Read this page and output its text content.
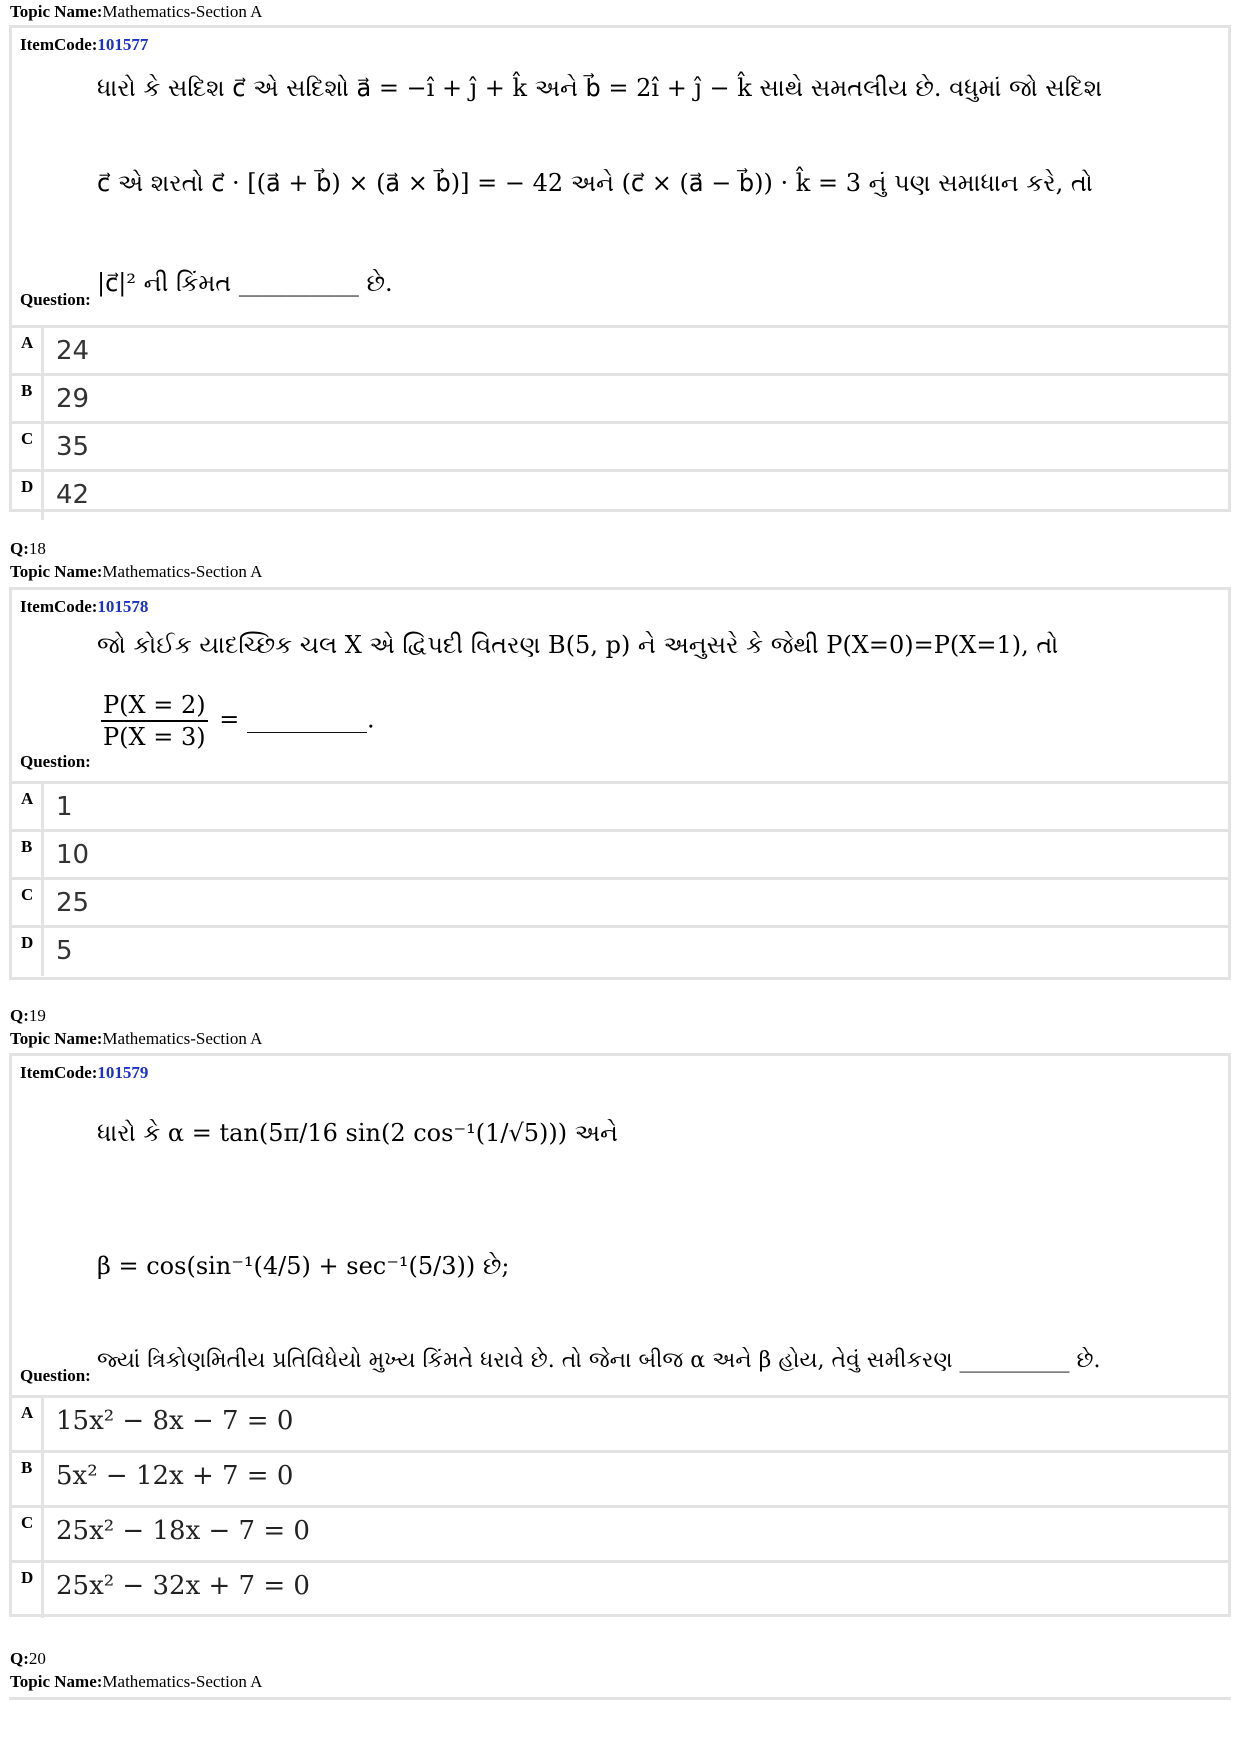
Topic Name:Mathematics-Section A
ItemCode:101577
ધારો કે સદિશ c⃗ એ સદિશો a⃗ = −î + ĵ + k̂ અને b⃗ = 2î + ĵ − k̂ સાથે સમતલીય છે. વધુમાં જો સદિશ
c⃗ એ શરતો c⃗ · [(a⃗ + b⃗) × (a⃗ × b⃗)] = − 42 અને (c⃗ × (a⃗ − b⃗)) · k̂ = 3 નું પણ સમાધાન કરે, તો
|c⃗|² ની કિંમત __________ છે.
Question:
A 24
B 29
C 35
D 42
Q:18
Topic Name:Mathematics-Section A
ItemCode:101578
જો કોઈક યાદચ્છિક ચલ X એ દ્વિપદી વિતરણ B(5, p) ને અનુસરે કે જેથી P(X=0)=P(X=1), તો
$\frac{P(X = 2)}{P(X = 3)}$ = __________.
Question:
A 1
B 10
C 25
D 5
Q:19
Topic Name:Mathematics-Section A
ItemCode:101579
ધારો કે α = tan(5π/16 sin(2 cos⁻¹(1/√5))) અને
β = cos(sin⁻¹(4/5) + sec⁻¹(5/3)) છે;
જ્યાં ત્રિકોણમિતીય પ્રતિવિધેયો મુખ્ય કિંમતે ધરાવે છે. તો જેના બીજ α અને β હોય, તેવું સમીકરણ __________ છે.
Question:
A 15x² − 8x − 7 = 0
B 5x² − 12x + 7 = 0
C 25x² − 18x − 7 = 0
D 25x² − 32x + 7 = 0
Q:20
Topic Name:Mathematics-Section A
